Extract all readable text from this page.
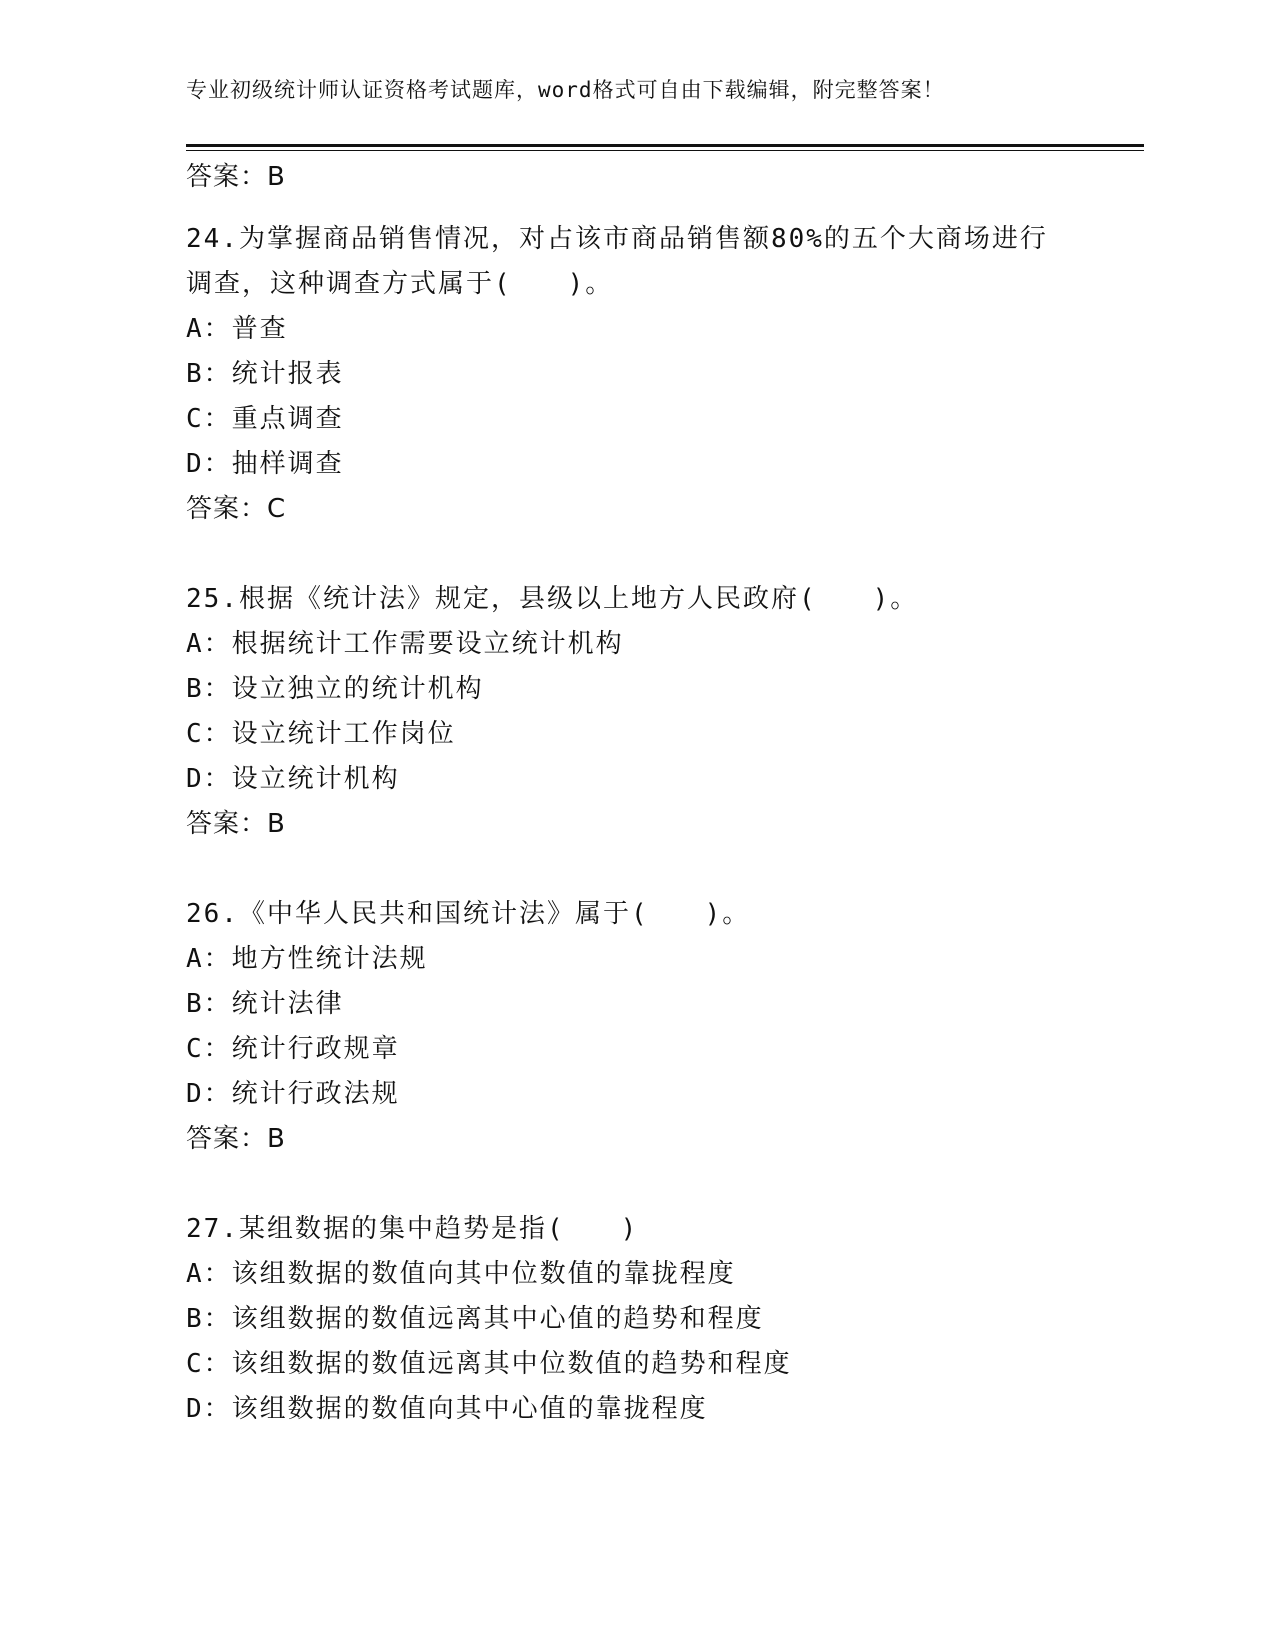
专业初级统计师认证资格考试题库，word格式可自由下载编辑，附完整答案！
答案：B
24.为掌握商品销售情况，对占该市商品销售额80%的五个大商场进行
调查，这种调查方式属于(　　)。
A：普查
B：统计报表
C：重点调查
D：抽样调查
答案：C
25.根据《统计法》规定，县级以上地方人民政府(　　)。
A：根据统计工作需要设立统计机构
B：设立独立的统计机构
C：设立统计工作岗位
D：设立统计机构
答案：B
26.《中华人民共和国统计法》属于(　　)。
A：地方性统计法规
B：统计法律
C：统计行政规章
D：统计行政法规
答案：B
27.某组数据的集中趋势是指(　　)
A：该组数据的数值向其中位数值的靠拢程度
B：该组数据的数值远离其中心值的趋势和程度
C：该组数据的数值远离其中位数值的趋势和程度
D：该组数据的数值向其中心值的靠拢程度
